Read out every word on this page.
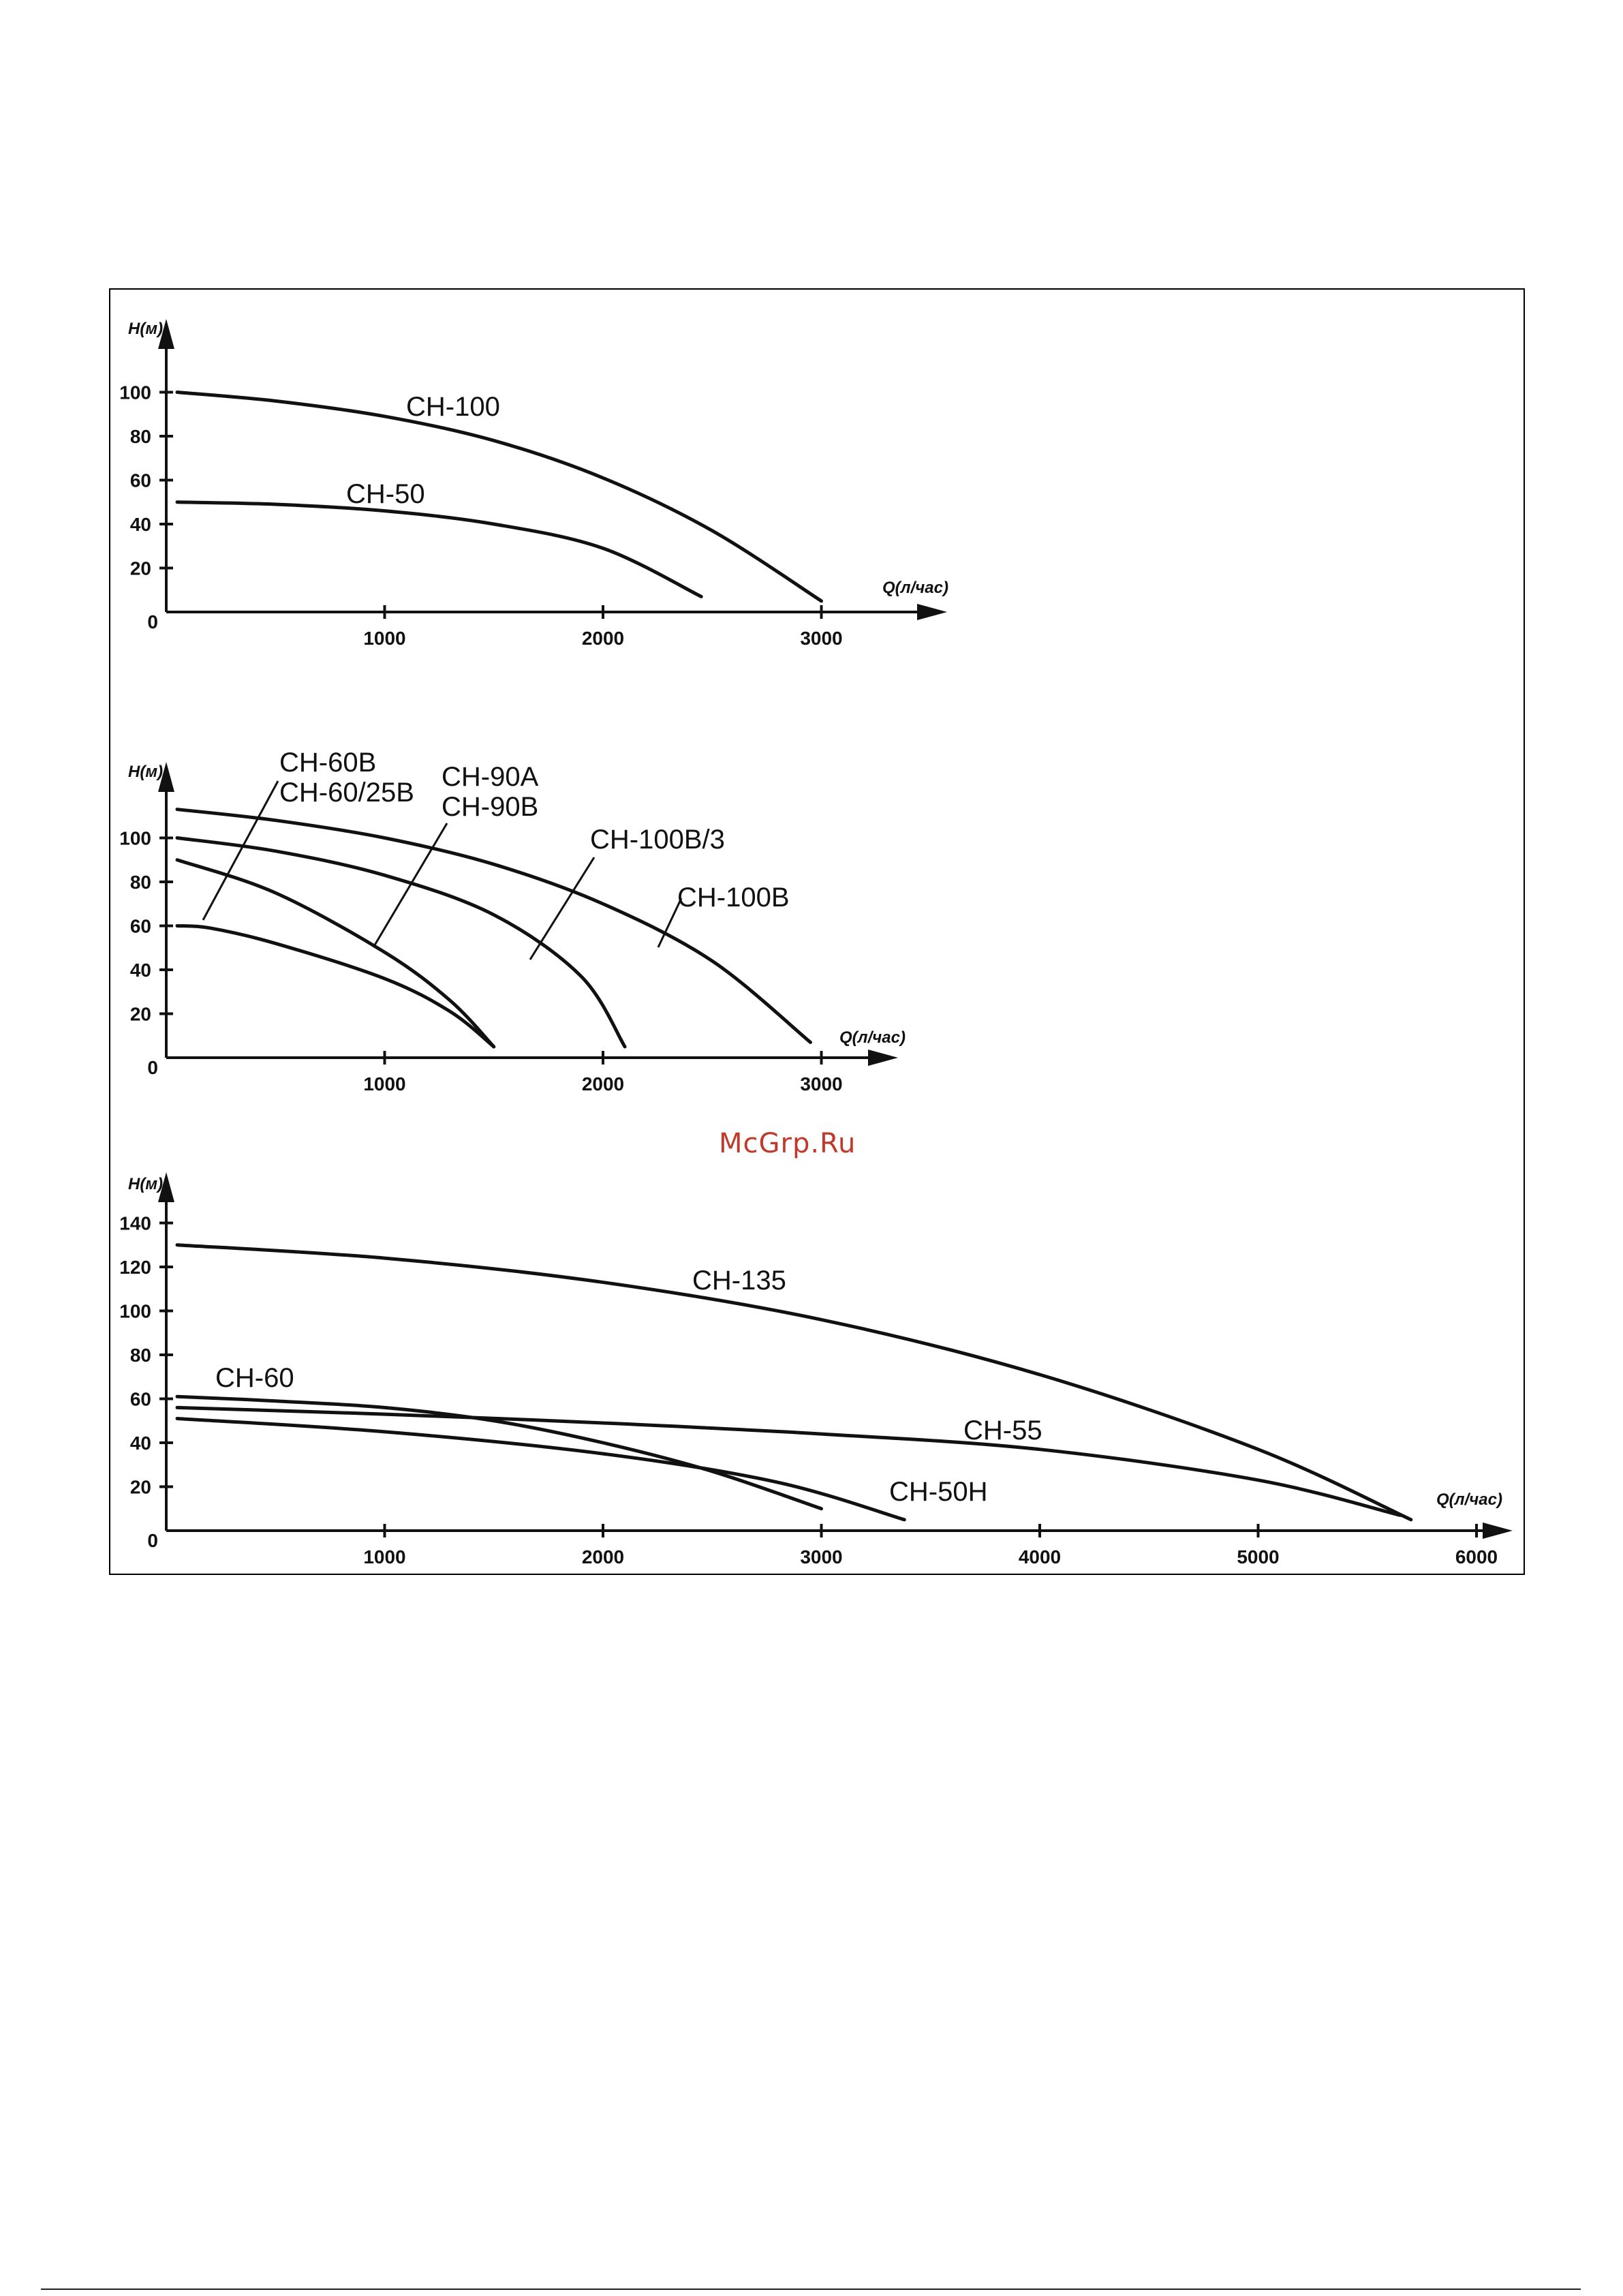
Q(л/час)
Н(м)
1000	2000	3000
0
20
40
60
80
100	CH-100
CH-50
Q(л/час)
Н(м)
1000	2000	3000
0
20
40
60
80
100
CH-60B
CH-60/25B
CH-90A
CH-90B
CH-100B/3
CH-100B
Q(л/час)
Н(м)
1000	2000	3000	4000	5000	6000
0
20
40
60
80
100
120
140
CH-135
CH-55
CH-60
CH-50H
McGrp.Ru
